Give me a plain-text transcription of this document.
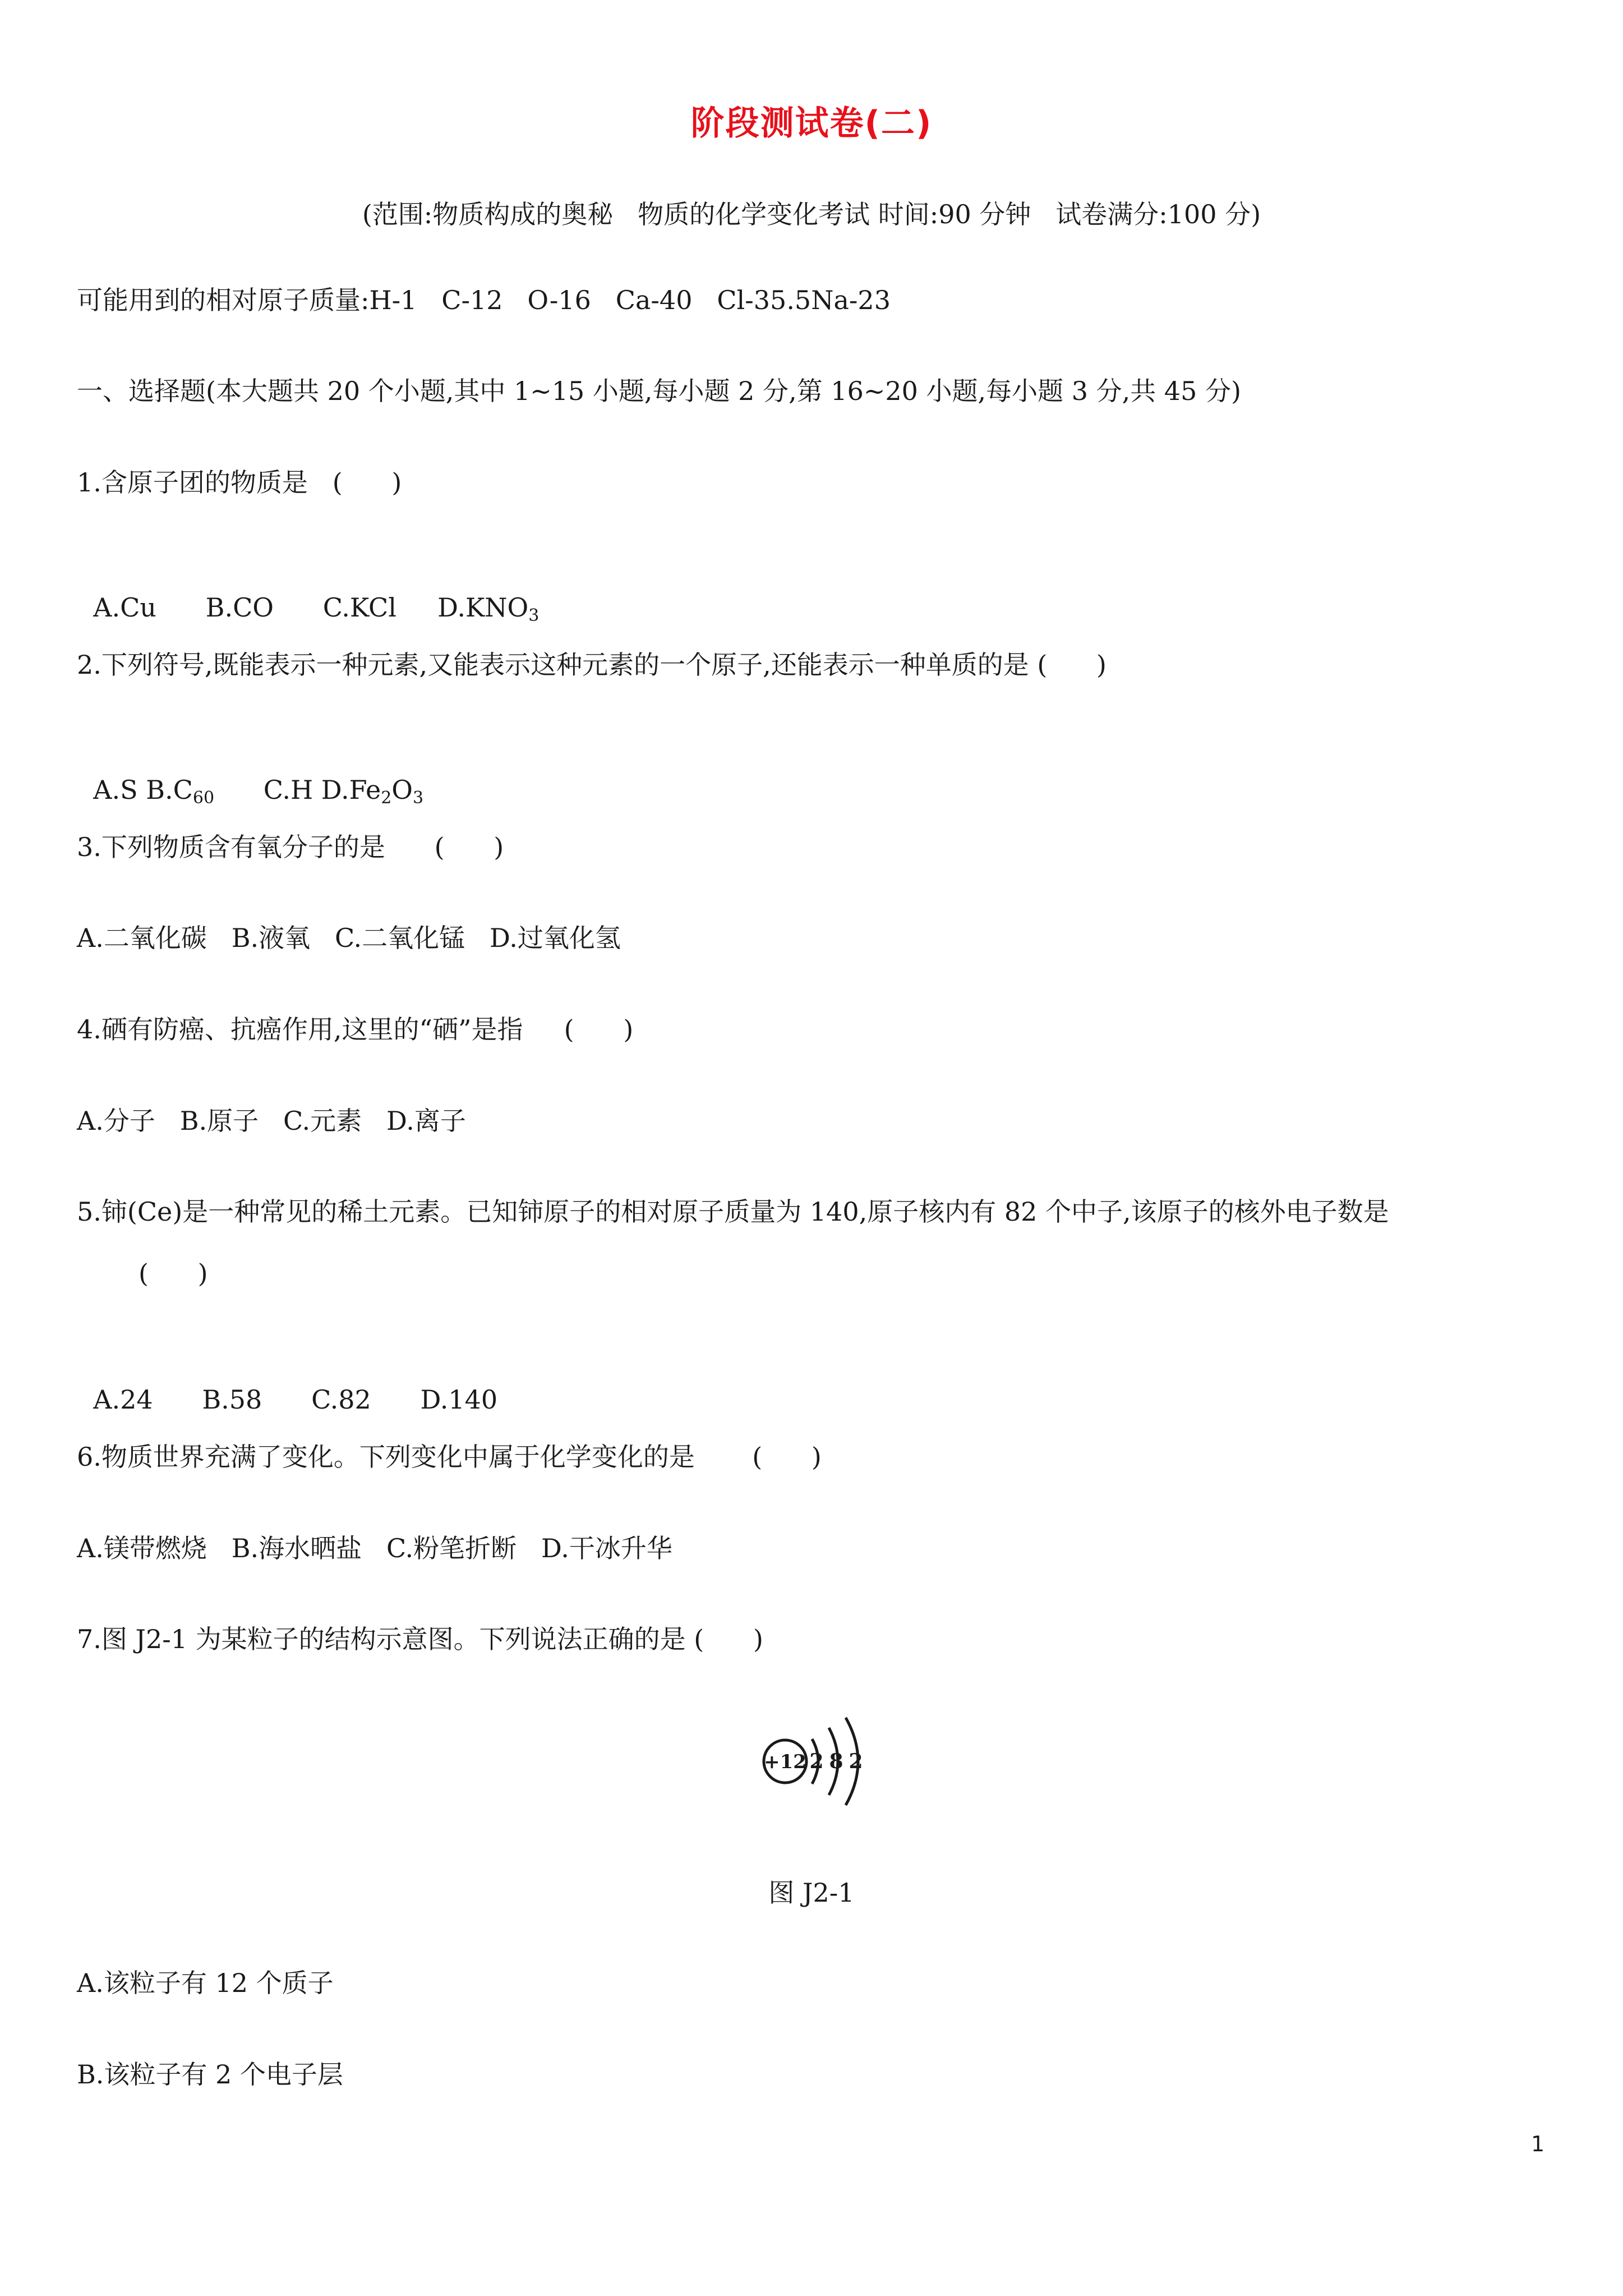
阶段测试卷(二)
(范围:物质构成的奥秘   物质的化学变化考试 时间:90 分钟   试卷满分:100 分)
可能用到的相对原子质量:H-1   C-12   O-16   Ca-40   Cl-35.5Na-23
一、选择题(本大题共 20 个小题,其中 1~15 小题,每小题 2 分,第 16~20 小题,每小题 3 分,共 45 分)
1.含原子团的物质是   (      )

A.Cu B.CO C.KCl $D.KNO_3$

2.下列符号,既能表示一种元素,又能表示这种元素的一个原子,还能表示一种单质的是 (      )

A.S $B.C_{60}$ C.H $D.Fe_2O_3$

3.下列物质含有氧分子的是      (      )
A.二氧化碳   B.液氧   C.二氧化锰   D.过氧化氢
4.硒有防癌、抗癌作用,这里的“硒”是指     (      )
A.分子   B.原子   C.元素   D.离子
5.铈(Ce)是一种常见的稀土元素。已知铈原子的相对原子质量为 140,原子核内有 82 个中子,该原子的核外电子数是
(      )

A.24 B.58 C.82 D.140

6.物质世界充满了变化。下列变化中属于化学变化的是       (      )
A.镁带燃烧   B.海水晒盐   C.粉笔折断   D.干冰升华
7.图 J2-1 为某粒子的结构示意图。下列说法正确的是 (      )
+12 2 8 2
图 J2-1
A.该粒子有 12 个质子
B.该粒子有 2 个电子层
1
